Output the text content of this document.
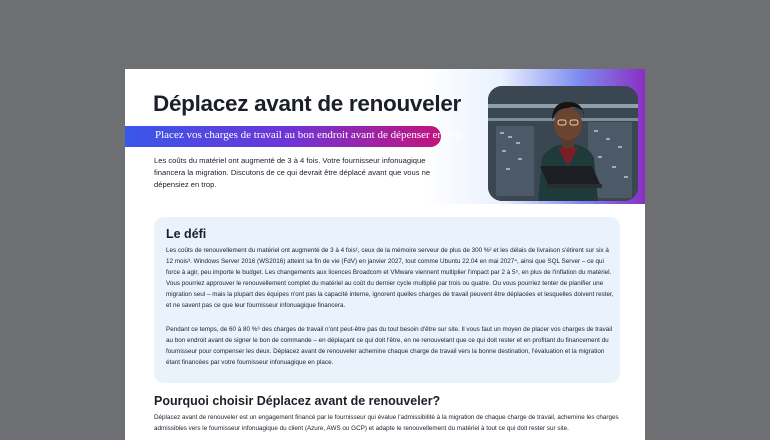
Déplacez avant de renouveler
Placez vos charges de travail au bon endroit avant de dépenser en trop

Les coûts du matériel ont augmenté de 3 à 4 fois. Votre fournisseur infonuagique financera la migration. Discutons de ce qui devrait être déplacé avant que vous ne dépensiez en trop.

Le défi

Les coûts de renouvellement du matériel ont augmenté de 3 à 4 fois¹, ceux de la mémoire serveur de plus de 300 %² et les délais de livraison s'étirent sur six à 12 mois³. Windows Server 2016 (WS2016) atteint sa fin de vie (FdV) en janvier 2027, tout comme Ubuntu 22.04 en mai 2027⁴, ainsi que SQL Server – ce qui force à agir, peu importe le budget. Les changements aux licences Broadcom et VMware viennent multiplier l'impact par 2 à 5⁵, en plus de l'inflation du matériel. Vous pourriez approuver le renouvellement complet du matériel au coût du dernier cycle multiplié par trois ou quatre. Ou vous pourriez tenter de planifier une migration seul – mais la plupart des équipes n'ont pas la capacité interne, ignorent quelles charges de travail peuvent être déplacées et lesquelles doivent rester, et ne savent pas ce que leur fournisseur infonuagique financera.

Pendant ce temps, de 60 à 80 %⁶ des charges de travail n'ont peut-être pas du tout besoin d'être sur site. Il vous faut un moyen de placer vos charges de travail au bon endroit avant de signer le bon de commande – en déplaçant ce qui doit l'être, en ne renouvelant que ce qui doit rester et en profitant du financement du fournisseur pour compenser les deux. Déplacez avant de renouveler achemine chaque charge de travail vers la bonne destination, l'évaluation et la migration étant financées par votre fournisseur infonuagique en place.

Pourquoi choisir Déplacez avant de renouveler?

Déplacez avant de renouveler est un engagement financé par le fournisseur qui évalue l'admissibilité à la migration de chaque charge de travail, achemine les charges admissibles vers le fournisseur infonuagique du client (Azure, AWS ou GCP) et adapte le renouvellement du matériel à tout ce qui doit rester sur site.
